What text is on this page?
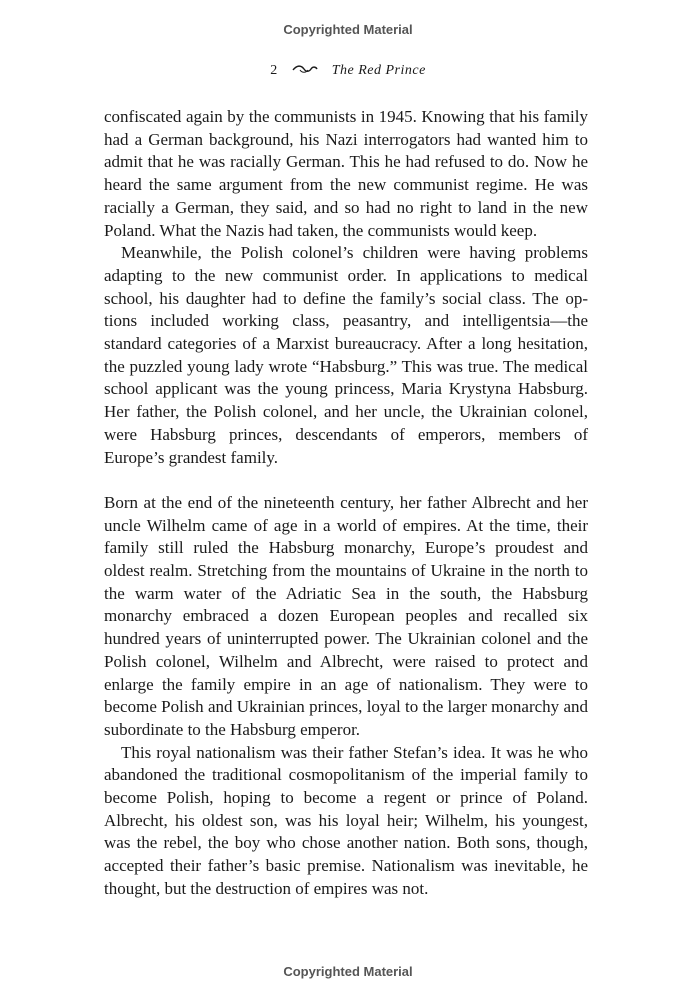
Copyrighted Material
2	The Red Prince

confiscated again by the communists in 1945. Knowing that his family had a German background, his Nazi interrogators had wanted him to admit that he was racially German. This he had refused to do. Now he heard the same argument from the new communist regime. He was racially a German, they said, and so had no right to land in the new Poland. What the Nazis had taken, the communists would keep.

Meanwhile, the Polish colonel’s children were having problems adapting to the new communist order. In applications to medical school, his daughter had to define the family’s social class. The options included working class, peasantry, and intelligentsia—the standard categories of a Marxist bureaucracy. After a long hesitation, the puzzled young lady wrote “Habsburg.” This was true. The medical school applicant was the young princess, Maria Krystyna Habsburg. Her father, the Polish colonel, and her uncle, the Ukrainian colonel, were Habsburg princes, descendants of emperors, members of Europe’s grandest family.

Born at the end of the nineteenth century, her father Albrecht and her uncle Wilhelm came of age in a world of empires. At the time, their family still ruled the Habsburg monarchy, Europe’s proudest and oldest realm. Stretching from the mountains of Ukraine in the north to the warm water of the Adriatic Sea in the south, the Habsburg monarchy embraced a dozen European peoples and recalled six hundred years of uninterrupted power. The Ukrainian colonel and the Polish colonel, Wilhelm and Albrecht, were raised to protect and enlarge the family empire in an age of nationalism. They were to become Polish and Ukrainian princes, loyal to the larger monarchy and subordinate to the Habsburg emperor.

This royal nationalism was their father Stefan’s idea. It was he who abandoned the traditional cosmopolitanism of the imperial family to become Polish, hoping to become a regent or prince of Poland. Albrecht, his oldest son, was his loyal heir; Wilhelm, his youngest, was the rebel, the boy who chose another nation. Both sons, though, accepted their father’s basic premise. Nationalism was inevitable, he thought, but the destruction of empires was not.

Copyrighted Material
